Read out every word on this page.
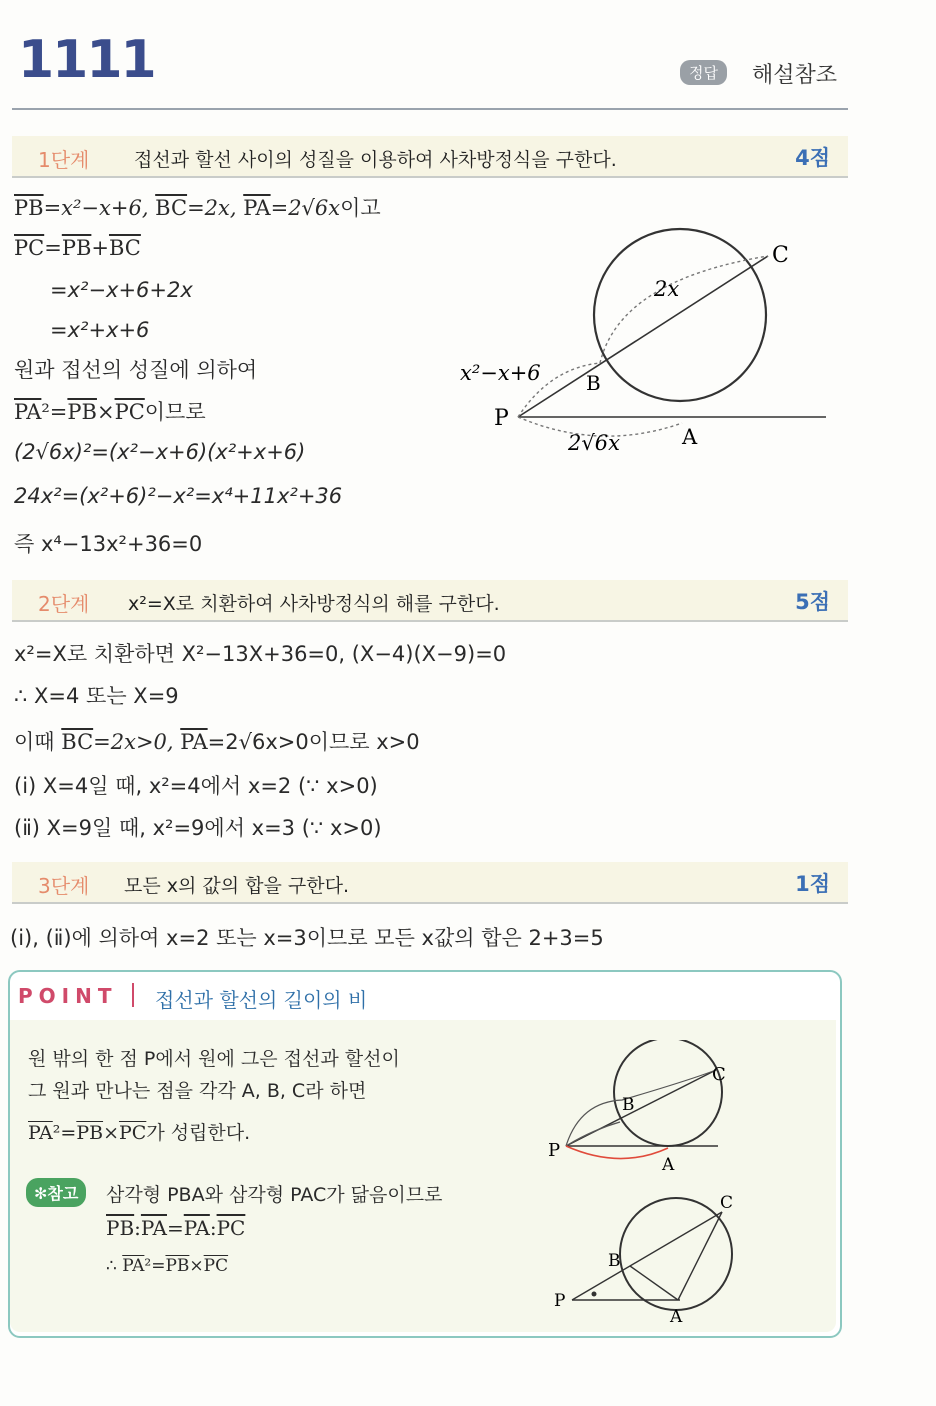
1111	정답	해설참조
1단계 접선과 할선 사이의 성질을 이용하여 사차방정식을 구한다.	4점
$\overline{PB}=x^2-x+6$, $\overline{BC}=2x$, $\overline{PA}=2√6x$이고
$\overline{PC}=\overline{PB}+\overline{BC}$
=x²−x+6+2x
=x²+x+6
원과 접선의 성질에 의하여
$\overline{PA}^2=\overline{PB}\times\overline{PC}$이므로
(2√6x)²=(x²−x+6)(x²+x+6)
24x²=(x²+6)²−x²=x⁴+11x²+36
즉 x⁴−13x²+36=0
C
B
P
A
2x
x²−x+6
2√6x
2단계 x²=X로 치환하여 사차방정식의 해를 구한다.	5점
x²=X로 치환하면 X²−13X+36=0, (X−4)(X−9)=0
∴ X=4 또는 X=9
이때 $\overline{BC}=2x>0$, $\overline{PA}=2√6x>0$이므로 x>0
(ⅰ) X=4일 때, x²=4에서 x=2 (∵ x>0)
(ⅱ) X=9일 때, x²=9에서 x=3 (∵ x>0)
3단계 모든 x의 값의 합을 구한다.	1점
(ⅰ), (ⅱ)에 의하여 x=2 또는 x=3이므로 모든 x값의 합은 2+3=5
POINT 접선과 할선의 길이의 비
원 밖의 한 점 P에서 원에 그은 접선과 할선이
그 원과 만나는 점을 각각 A, B, C라 하면
$\overline{PA}^2=\overline{PB}\times\overline{PC}$가 성립한다.
✻참고	삼각형 PBA와 삼각형 PAC가 닮음이므로
$\overline{PB}:\overline{PA}=\overline{PA}:\overline{PC}$
∴ $\overline{PA}^2=\overline{PB}\times\overline{PC}$
C
B
P
A
C
B
P
A
